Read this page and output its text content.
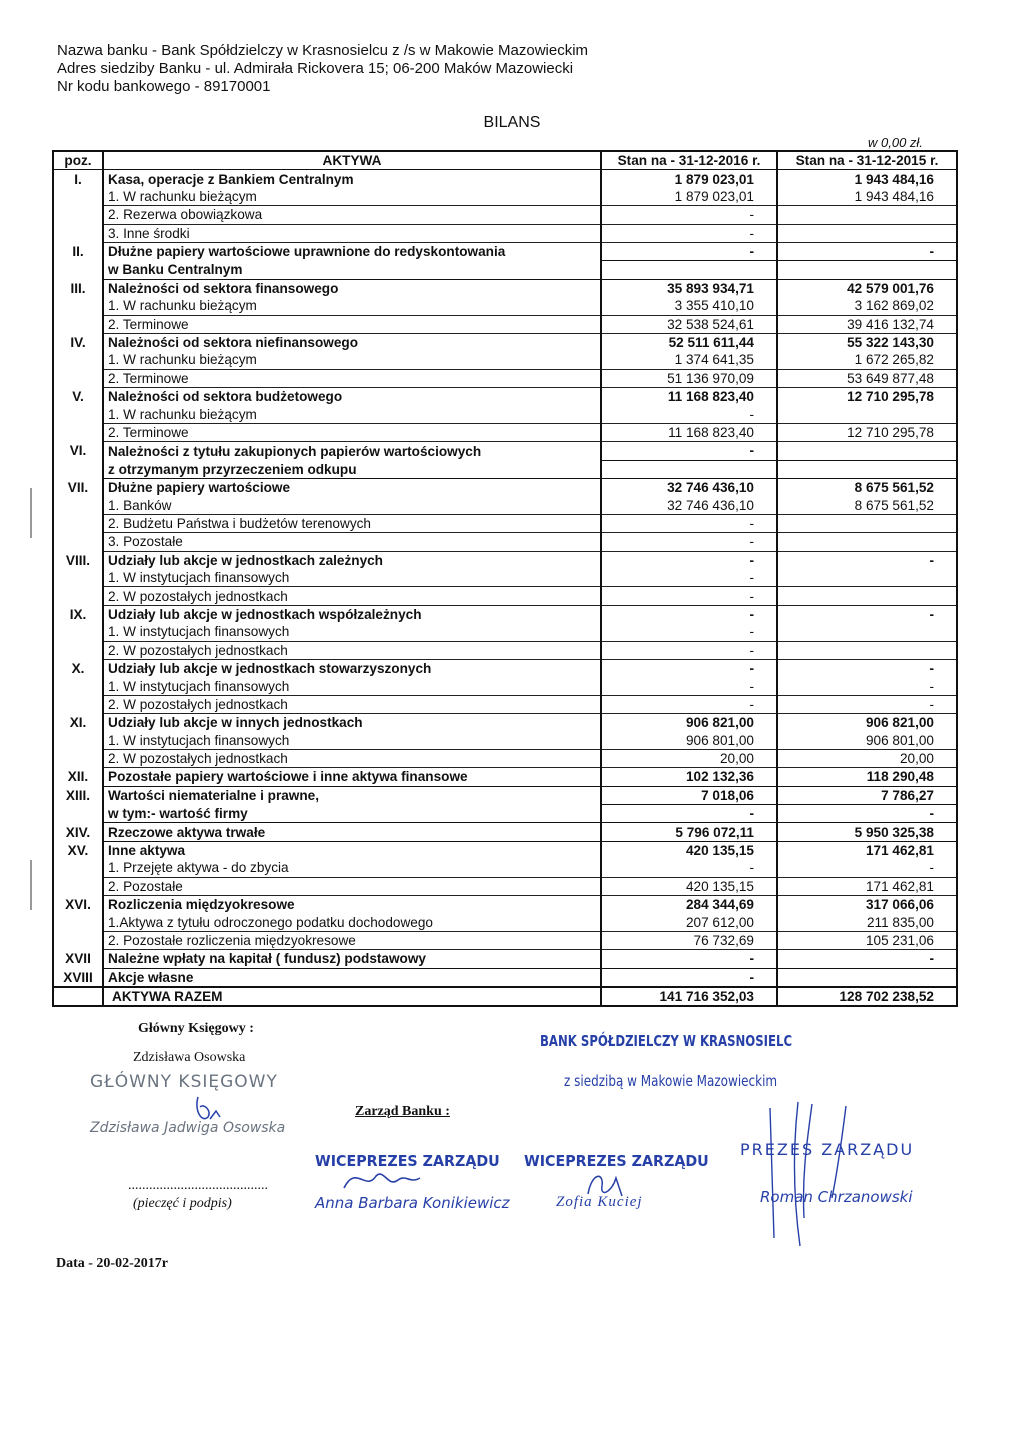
Nazwa banku - Bank Spółdzielczy w Krasnosielcu z /s w Makowie Mazowieckim
Adres siedziby Banku - ul. Admirała Rickovera 15; 06-200 Maków Mazowiecki
Nr kodu bankowego - 89170001
BILANS
w 0,00 zł.
poz.	AKTYWA	Stan na - 31-12-2016 r.	Stan na - 31-12-2015 r.
I.	Kasa, operacje z Bankiem Centralnym	1 879 023,01	1 943 484,16
	1. W rachunku bieżącym	1 879 023,01	1 943 484,16
	2. Rezerwa obowiązkowa	-	
	3. Inne środki	-	
II.	Dłużne papiery wartościowe uprawnione do redyskontowania	-	-
	w Banku Centralnym		
III.	Należności od sektora finansowego	35 893 934,71	42 579 001,76
	1. W rachunku bieżącym	3 355 410,10	3 162 869,02
	2. Terminowe	32 538 524,61	39 416 132,74
IV.	Należności od sektora niefinansowego	52 511 611,44	55 322 143,30
	1. W rachunku bieżącym	1 374 641,35	1 672 265,82
	2. Terminowe	51 136 970,09	53 649 877,48
V.	Należności od sektora budżetowego	11 168 823,40	12 710 295,78
	1. W rachunku bieżącym	-	
	2. Terminowe	11 168 823,40	12 710 295,78
VI.	Należności z tytułu zakupionych papierów wartościowych	-	
	z otrzymanym przyrzeczeniem odkupu		
VII.	Dłużne papiery wartościowe	32 746 436,10	8 675 561,52
	1. Banków	32 746 436,10	8 675 561,52
	2. Budżetu Państwa i budżetów terenowych	-	
	3. Pozostałe	-	
VIII.	Udziały lub akcje w jednostkach zależnych	-	-
	1. W instytucjach finansowych	-	
	2. W pozostałych jednostkach	-	
IX.	Udziały lub akcje w jednostkach współzależnych	-	-
	1. W instytucjach finansowych	-	
	2. W pozostałych jednostkach	-	
X.	Udziały lub akcje w jednostkach stowarzyszonych	-	-
	1. W instytucjach finansowych	-	-
	2. W pozostałych jednostkach	-	-
XI.	Udziały lub akcje w innych jednostkach	906 821,00	906 821,00
	1. W instytucjach finansowych	906 801,00	906 801,00
	2. W pozostałych jednostkach	20,00	20,00
XII.	Pozostałe papiery wartościowe i inne aktywa finansowe	102 132,36	118 290,48
XIII.	Wartości niematerialne i prawne,	7 018,06	7 786,27
	w tym:- wartość firmy	-	-
XIV.	Rzeczowe aktywa trwałe	5 796 072,11	5 950 325,38
XV.	Inne aktywa	420 135,15	171 462,81
	1. Przejęte aktywa - do zbycia	-	-
	2. Pozostałe	420 135,15	171 462,81
XVI.	Rozliczenia międzyokresowe	284 344,69	317 066,06
	1.Aktywa z tytułu odroczonego podatku dochodowego	207 612,00	211 835,00
	2. Pozostałe rozliczenia międzyokresowe	76 732,69	105 231,06
XVII	Należne wpłaty na kapitał ( fundusz) podstawowy	-	-
XVIII	Akcje własne	-	
	AKTYWA RAZEM	141 716 352,03	128 702 238,52
Główny Księgowy :
Zdzisława Osowska
GŁÓWNY KSIĘGOWY
Zdzisława Jadwiga Osowska
........................................
(pieczęć i podpis)
Zarząd Banku :
BANK SPÓŁDZIELCZY W KRASNOSIELC
z siedzibą w Makowie Mazowieckim
WICEPREZES ZARZĄDU
Anna Barbara Konikiewicz
WICEPREZES ZARZĄDU
Zofia Kuciej
PREZES ZARZĄDU
Roman Chrzanowski
Data - 20-02-2017r
